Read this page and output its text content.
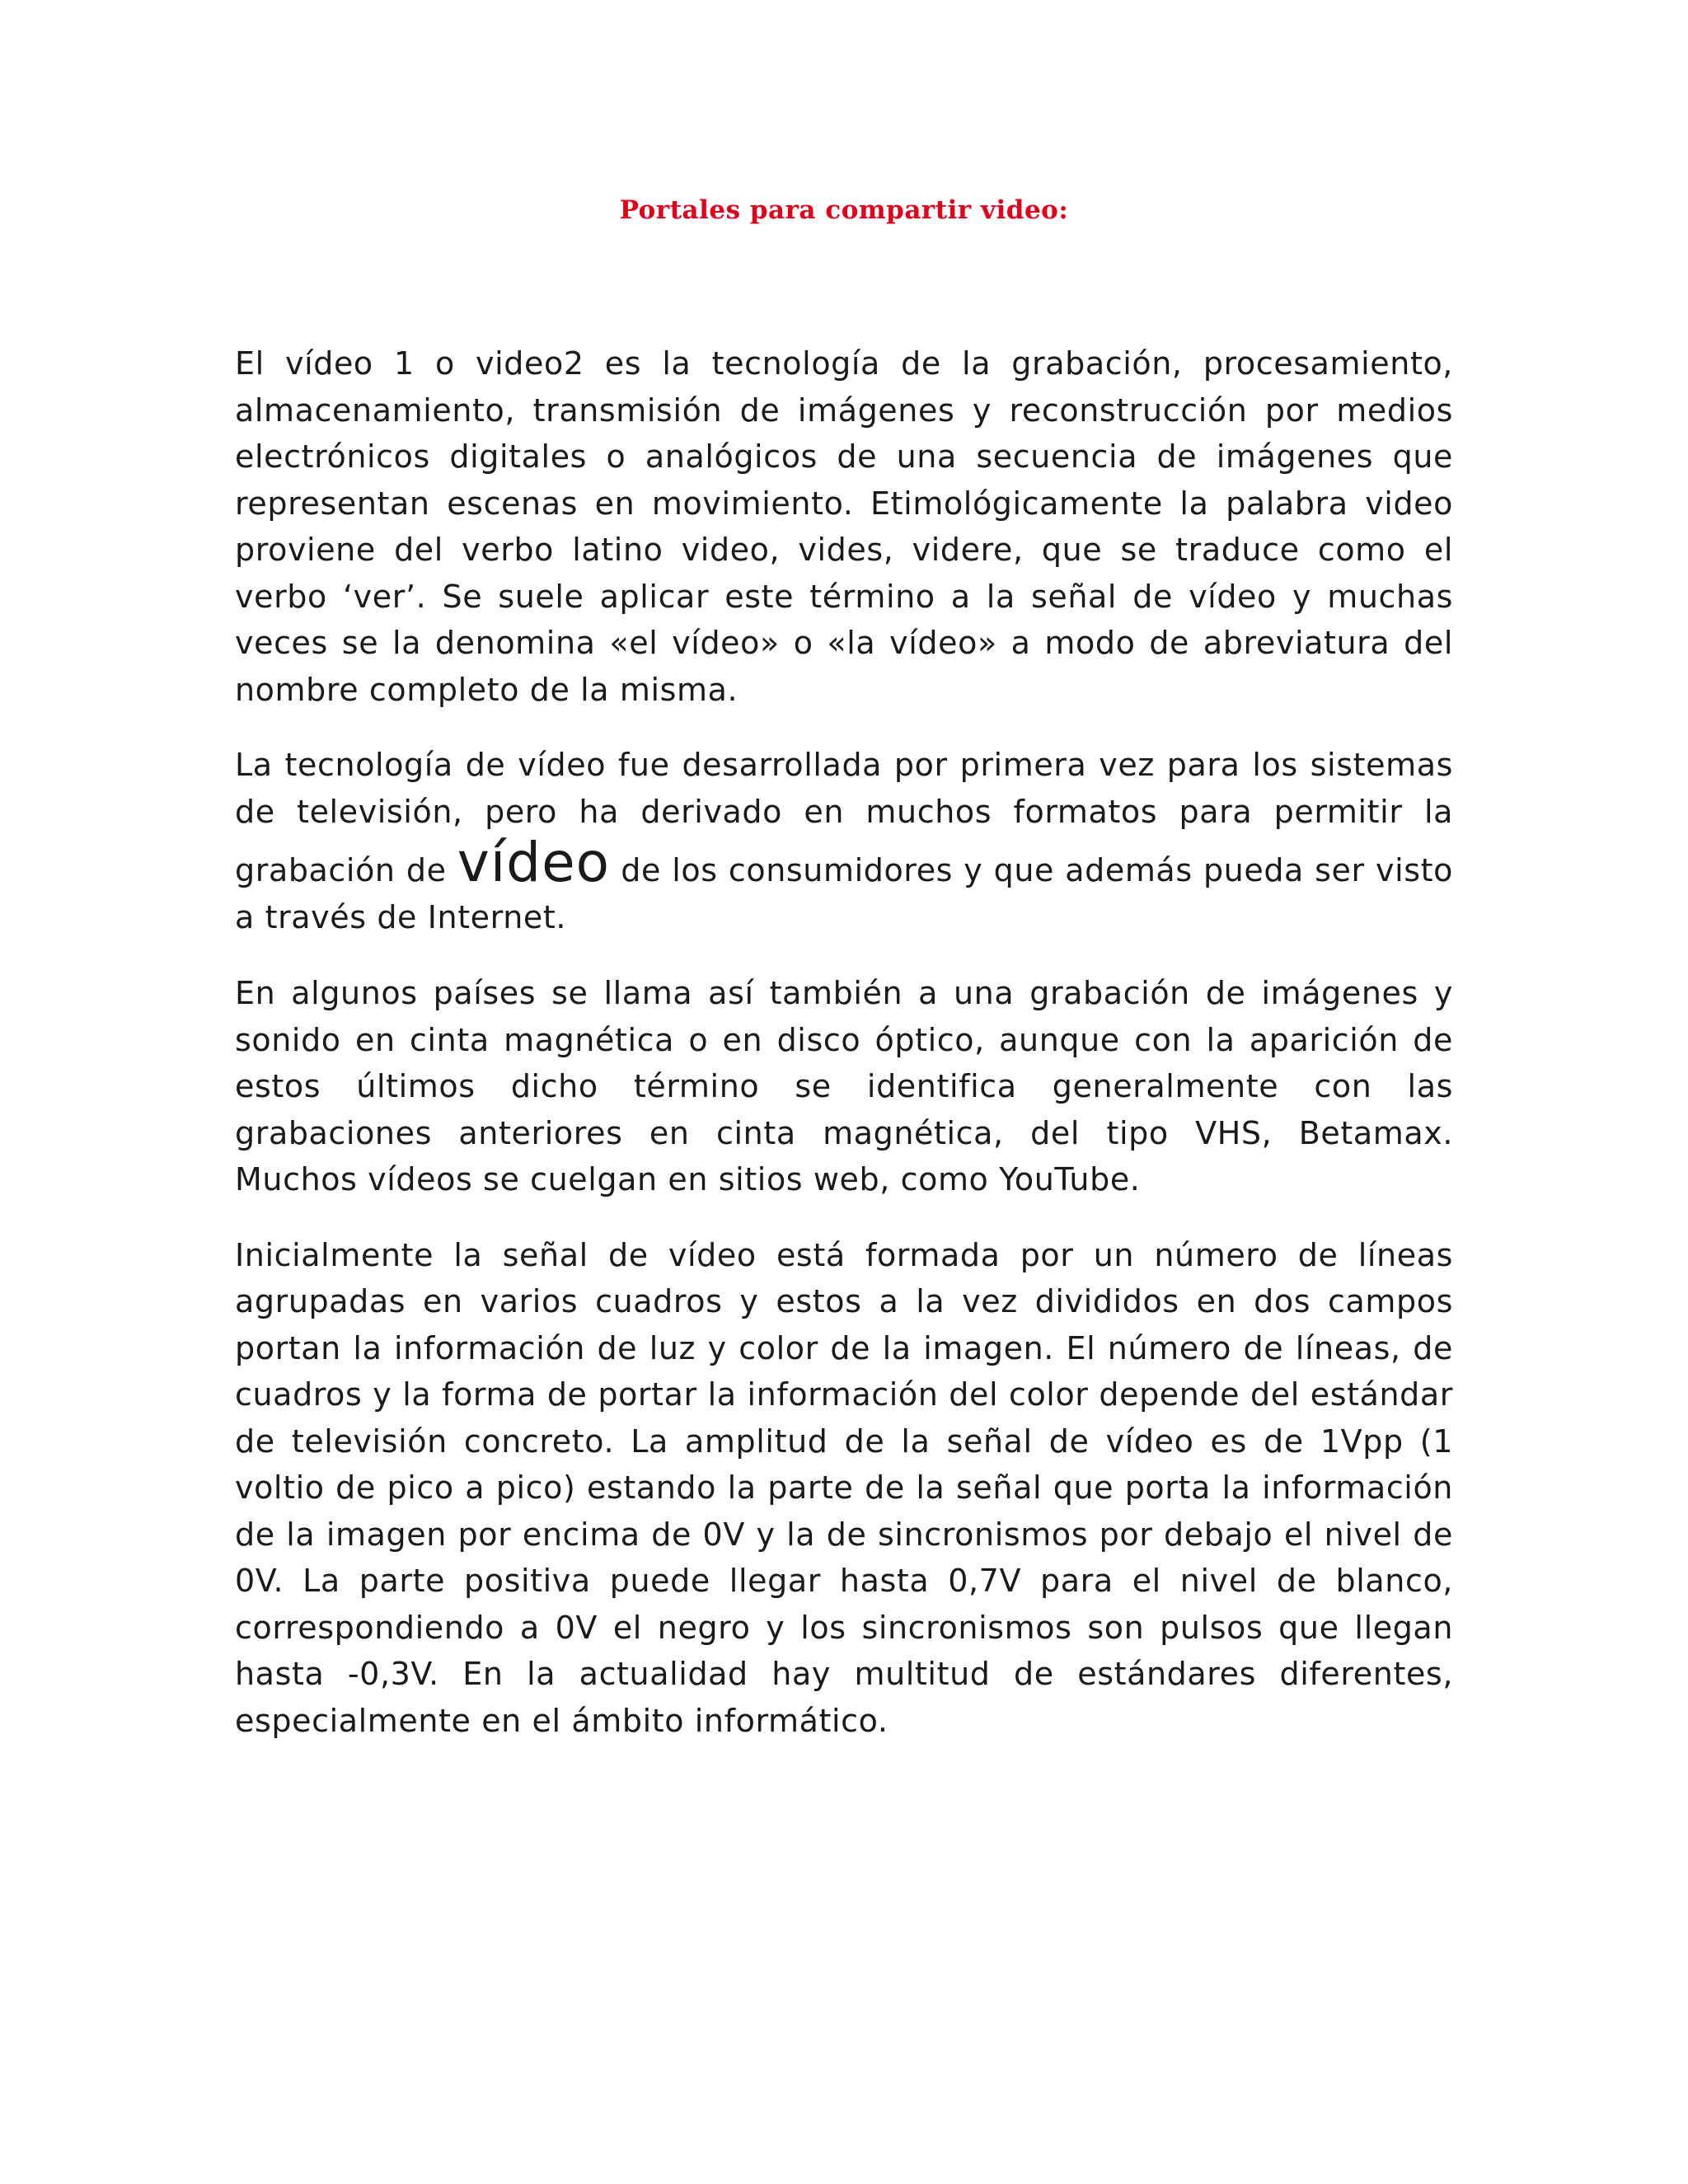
Portales para compartir video:

El vídeo 1 o video2 es la tecnología de la grabación, procesamiento, almacenamiento, transmisión de imágenes y reconstrucción por medios electrónicos digitales o analógicos de una secuencia de imágenes que representan escenas en movimiento. Etimológicamente la palabra video proviene del verbo latino video, vides, videre, que se traduce como el verbo ‘ver’. Se suele aplicar este término a la señal de vídeo y muchas veces se la denomina «el vídeo» o «la vídeo» a modo de abreviatura del nombre completo de la misma.

La tecnología de vídeo fue desarrollada por primera vez para los sistemas de televisión, pero ha derivado en muchos formatos para permitir la grabación de vídeo de los consumidores y que además pueda ser visto a través de Internet.

En algunos países se llama así también a una grabación de imágenes y sonido en cinta magnética o en disco óptico, aunque con la aparición de estos últimos dicho término se identifica generalmente con las grabaciones anteriores en cinta magnética, del tipo VHS, Betamax. Muchos vídeos se cuelgan en sitios web, como YouTube.

Inicialmente la señal de vídeo está formada por un número de líneas agrupadas en varios cuadros y estos a la vez divididos en dos campos portan la información de luz y color de la imagen. El número de líneas, de cuadros y la forma de portar la información del color depende del estándar de televisión concreto. La amplitud de la señal de vídeo es de 1Vpp (1 voltio de pico a pico) estando la parte de la señal que porta la información de la imagen por encima de 0V y la de sincronismos por debajo el nivel de 0V. La parte positiva puede llegar hasta 0,7V para el nivel de blanco, correspondiendo a 0V el negro y los sincronismos son pulsos que llegan hasta -0,3V. En la actualidad hay multitud de estándares diferentes, especialmente en el ámbito informático.
